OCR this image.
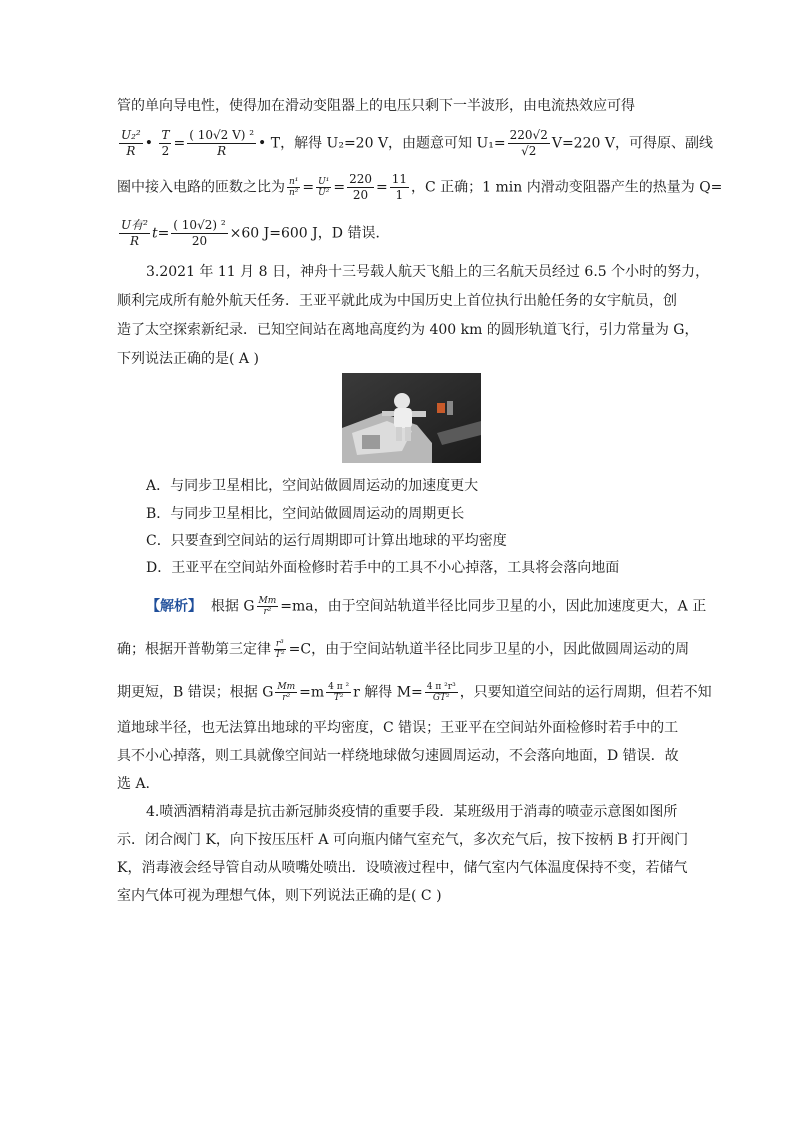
管的单向导电性，使得加在滑动变阻器上的电压只剩下一半波形，由电流热效应可得
$\frac{\text{U₂²}}{R}$ • $\frac{T}{2} = \frac{\text{( 10√2 V) ²}}{R}$ • T，解得 U₂=20 V，由题意可知 $U_1= \frac{220√2}{√2} V=220$ V，可得原、副线
圈中接入电路的匝数之比为 $\frac{\text{n¹}}{\text{n²}} = \frac{\text{U¹}}{\text{U²}} = \frac{220}{20} = \frac{11}{1}$ ，C 正确；1 min 内滑动变阻器产生的热量为 Q=
$\frac{\text{U有²}}{R} t= \frac{\text{( 10√2) ²}}{20} \times 60$ J=600 J，D 错误．
3.2021 年 11 月 8 日，神舟十三号载人航天飞船上的三名航天员经过 6.5 个小时的努力，
顺利完成所有舱外航天任务．王亚平就此成为中国历史上首位执行出舱任务的女宇航员，创
造了太空探索新纪录．已知空间站在离地高度约为 400 km 的圆形轨道飞行，引力常量为 G，
下列说法正确的是( A )
A．与同步卫星相比，空间站做圆周运动的加速度更大
B．与同步卫星相比，空间站做圆周运动的周期更长
C．只要查到空间站的运行周期即可计算出地球的平均密度
D．王亚平在空间站外面检修时若手中的工具不小心掉落，工具将会落向地面
【解析】 根据 G $\frac{Mm}{\text{r²}} =ma$，由于空间站轨道半径比同步卫星的小，因此加速度更大，A 正
确；根据开普勒第三定律 $\frac{\text{r³}}{\text{T²}} =C$，由于空间站轨道半径比同步卫星的小，因此做圆周运动的周
期更短，B 错误；根据 G $\frac{Mm}{\text{r²}} =m \frac{\text{4 π ²}}{\text{T²}}$ r 解得 $M= \frac{\text{4 π ²r³}}{\text{GT²}}$ ，只要知道空间站的运行周期，但若不知
道地球半径，也无法算出地球的平均密度，C 错误；王亚平在空间站外面检修时若手中的工
具不小心掉落，则工具就像空间站一样绕地球做匀速圆周运动，不会落向地面，D 错误．故
选 A.
4.喷洒酒精消毒是抗击新冠肺炎疫情的重要手段．某班级用于消毒的喷壶示意图如图所
示．闭合阀门 K，向下按压压杆 A 可向瓶内储气室充气，多次充气后，按下按柄 B 打开阀门
K，消毒液会经导管自动从喷嘴处喷出．设喷液过程中，储气室内气体温度保持不变，若储气
室内气体可视为理想气体，则下列说法正确的是( C )
